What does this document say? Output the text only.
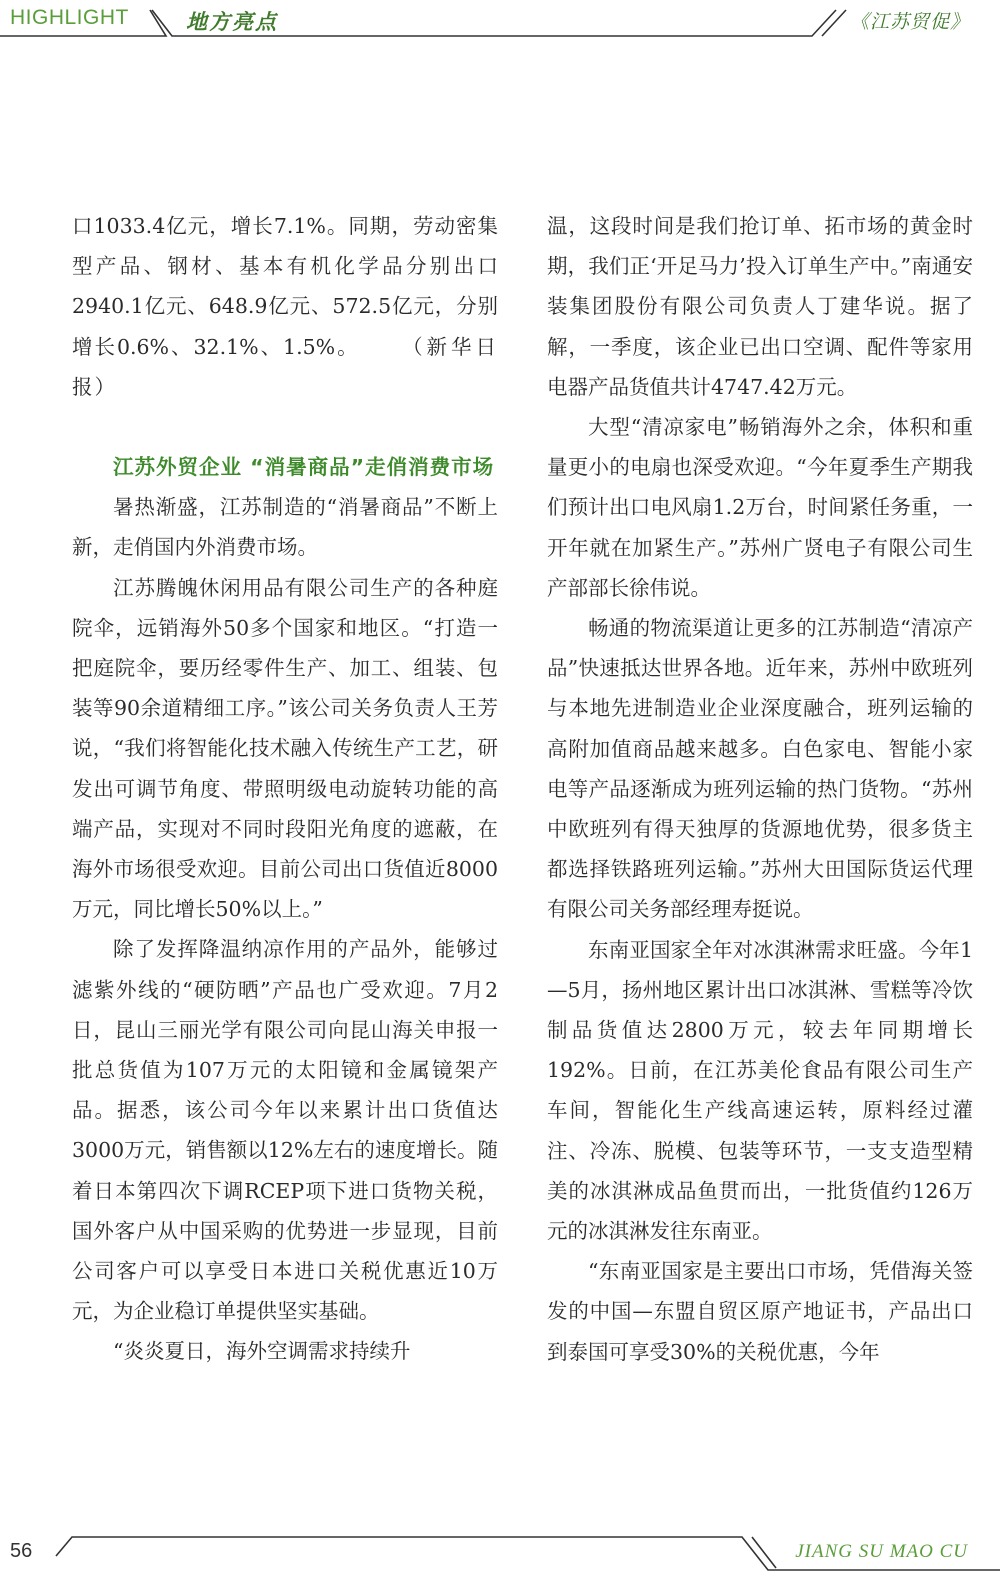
HIGHLIGHT	地方亮点	《江苏贸促》

口1033.4亿元，增长7.1%。同期，劳动密集型产品、钢材、基本有机化学品分别出口2940.1亿元、648.9亿元、572.5亿元，分别增长0.6%、32.1%、1.5%。 （新华日报）

江苏外贸企业 “消暑商品”走俏消费市场

暑热渐盛，江苏制造的“消暑商品”不断上新，走俏国内外消费市场。

江苏腾魄休闲用品有限公司生产的各种庭院伞，远销海外50多个国家和地区。“打造一把庭院伞，要历经零件生产、加工、组装、包装等90余道精细工序。”该公司关务负责人王芳说，“我们将智能化技术融入传统生产工艺，研发出可调节角度、带照明级电动旋转功能的高端产品，实现对不同时段阳光角度的遮蔽，在海外市场很受欢迎。目前公司出口货值近8000万元，同比增长50%以上。”

除了发挥降温纳凉作用的产品外，能够过滤紫外线的“硬防晒”产品也广受欢迎。7月2日，昆山三丽光学有限公司向昆山海关申报一批总货值为107万元的太阳镜和金属镜架产品。据悉，该公司今年以来累计出口货值达3000万元，销售额以12%左右的速度增长。随着日本第四次下调RCEP项下进口货物关税，国外客户从中国采购的优势进一步显现，目前公司客户可以享受日本进口关税优惠近10万元，为企业稳订单提供坚实基础。

“炎炎夏日，海外空调需求持续升

温，这段时间是我们抢订单、拓市场的黄金时期，我们正‘开足马力’投入订单生产中。”南通安装集团股份有限公司负责人丁建华说。据了解，一季度，该企业已出口空调、配件等家用电器产品货值共计4747.42万元。

大型“清凉家电”畅销海外之余，体积和重量更小的电扇也深受欢迎。“今年夏季生产期我们预计出口电风扇1.2万台，时间紧任务重，一开年就在加紧生产。”苏州广贤电子有限公司生产部部长徐伟说。

畅通的物流渠道让更多的江苏制造“清凉产品”快速抵达世界各地。近年来，苏州中欧班列与本地先进制造业企业深度融合，班列运输的高附加值商品越来越多。白色家电、智能小家电等产品逐渐成为班列运输的热门货物。“苏州中欧班列有得天独厚的货源地优势，很多货主都选择铁路班列运输。”苏州大田国际货运代理有限公司关务部经理寿挺说。

东南亚国家全年对冰淇淋需求旺盛。今年1—5月，扬州地区累计出口冰淇淋、雪糕等冷饮制品货值达2800万元，较去年同期增长192%。日前，在江苏美伦食品有限公司生产车间，智能化生产线高速运转，原料经过灌注、冷冻、脱模、包装等环节，一支支造型精美的冰淇淋成品鱼贯而出，一批货值约126万元的冰淇淋发往东南亚。

“东南亚国家是主要出口市场，凭借海关签发的中国—东盟自贸区原产地证书，产品出口到泰国可享受30%的关税优惠，今年

56	JIANG SU MAO CU
